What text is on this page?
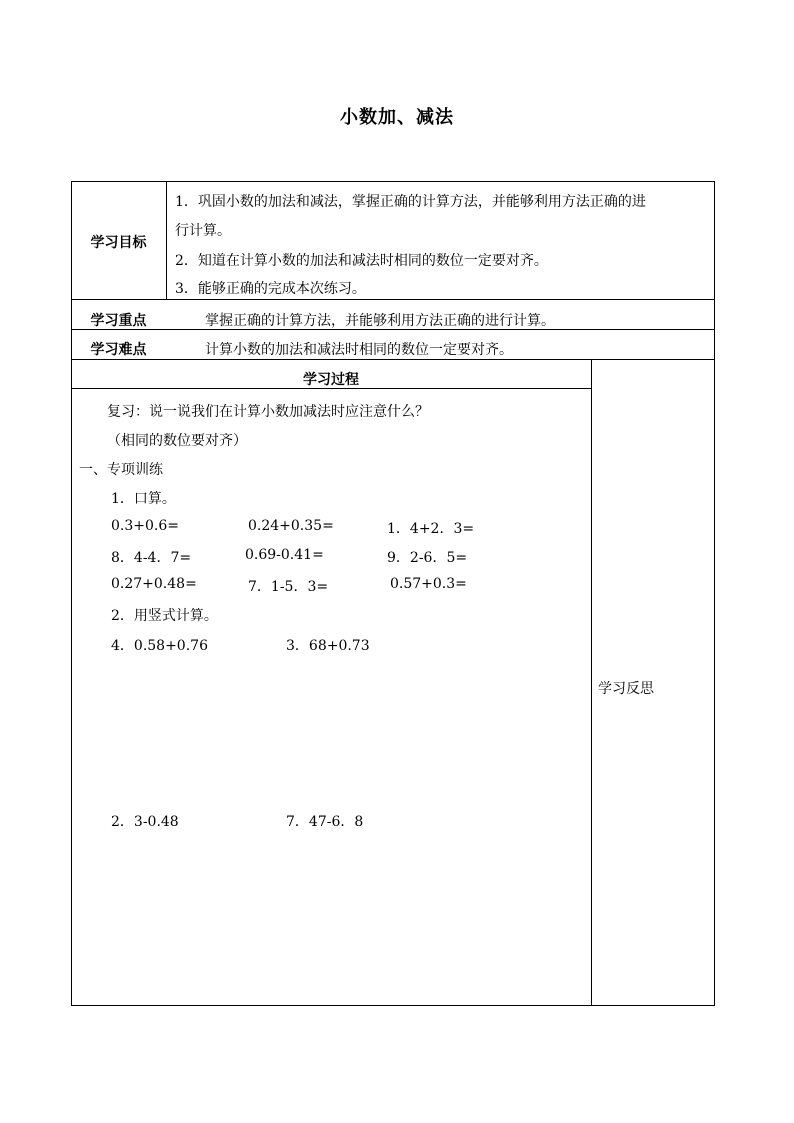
小数加、减法
学习目标
1．巩固小数的加法和减法，掌握正确的计算方法，并能够利用方法正确的进
行计算。
2．知道在计算小数的加法和减法时相同的数位一定要对齐。
3．能够正确的完成本次练习。
学习重点	掌握正确的计算方法，并能够利用方法正确的进行计算。
学习难点	计算小数的加法和减法时相同的数位一定要对齐。
学习过程
复习：说一说我们在计算小数加减法时应注意什么？
（相同的数位要对齐）
一、专项训练
1．口算。
0.3+0.6=	0.24+0.35=	1．4+2．3=
8．4-4．7=	0.69-0.41=	9．2-6．5=
0.27+0.48=	7．1-5．3=	0.57+0.3=
2．用竖式计算。
4．0.58+0.76	3．68+0.73
2．3-0.48	7．47-6．8
学习反思
